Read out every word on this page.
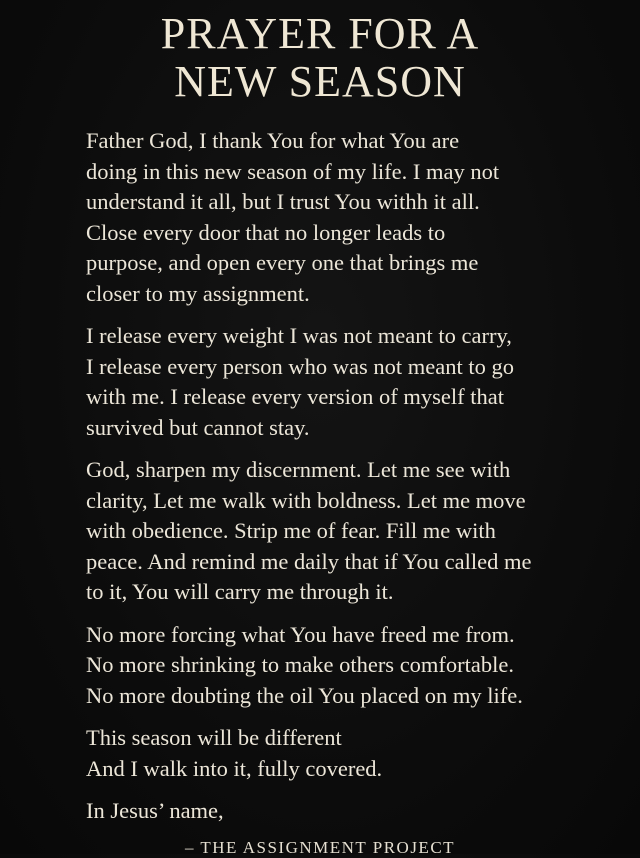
PRAYER FOR A
NEW SEASON

Father God, I thank You for what You are
doing in this new season of my life. I may not
understand it all, but I trust You withh it all.
Close every door that no longer leads to
purpose, and open every one that brings me
closer to my assignment.

I release every weight I was not meant to carry,
I release every person who was not meant to go
with me. I release every version of myself that
survived but cannot stay.

God, sharpen my discernment. Let me see with
clarity, Let me walk with boldness. Let me move
with obedience. Strip me of fear. Fill me with
peace. And remind me daily that if You called me
to it, You will carry me through it.

No more forcing what You have freed me from.
No more shrinking to make others comfortable.
No more doubting the oil You placed on my life.

This season will be different
And I walk into it, fully covered.

In Jesus’ name,

– THE ASSIGNMENT PROJECT
